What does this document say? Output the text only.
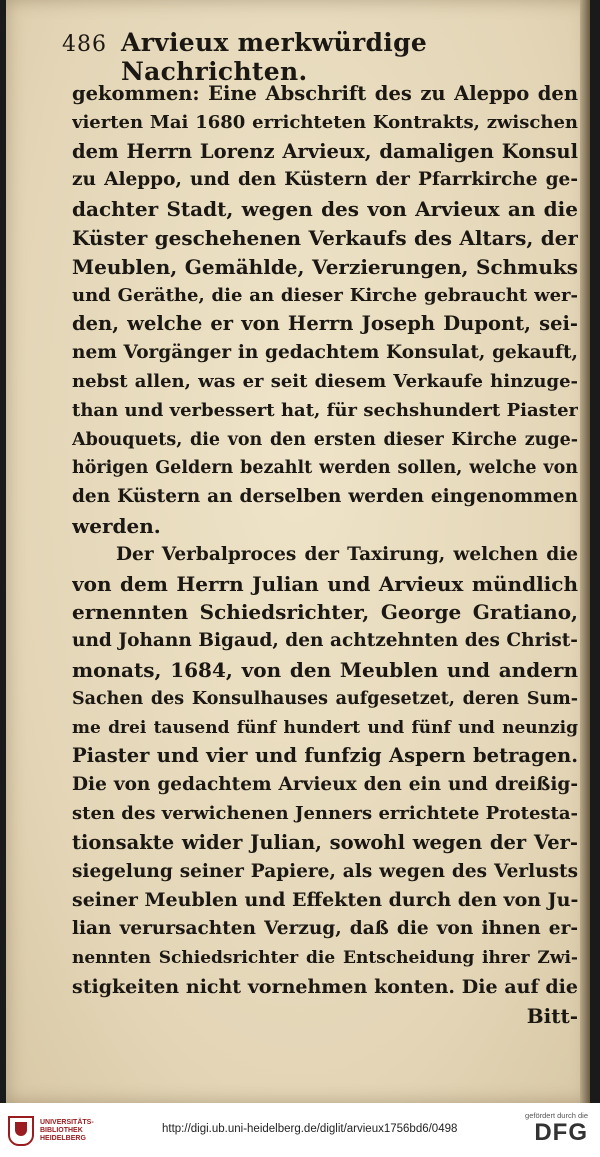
486 Arvieux merkwürdige Nachrichten.
gekommen: Eine Abschrift des zu Aleppo den
vierten Mai 1680 errichteten Kontrakts, zwischen
dem Herrn Lorenz Arvieux, damaligen Konsul
zu Aleppo, und den Küstern der Pfarrkirche ge-
dachter Stadt, wegen des von Arvieux an die
Küster geschehenen Verkaufs des Altars, der
Meublen, Gemählde, Verzierungen, Schmuks
und Geräthe, die an dieser Kirche gebraucht wer-
den, welche er von Herrn Joseph Dupont, sei-
nem Vorgänger in gedachtem Konsulat, gekauft,
nebst allen, was er seit diesem Verkaufe hinzuge-
than und verbessert hat, für sechshundert Piaster
Abouquets, die von den ersten dieser Kirche zuge-
hörigen Geldern bezahlt werden sollen, welche von
den Küstern an derselben werden eingenommen
werden.
Der Verbalproces der Taxirung, welchen die
von dem Herrn Julian und Arvieux mündlich
ernennten Schiedsrichter, George Gratiano,
und Johann Bigaud, den achtzehnten des Christ-
monats, 1684, von den Meublen und andern
Sachen des Konsulhauses aufgesetzet, deren Sum-
me drei tausend fünf hundert und fünf und neunzig
Piaster und vier und funfzig Aspern betragen.
Die von gedachtem Arvieux den ein und dreißig-
sten des verwichenen Jenners errichtete Protesta-
tionsakte wider Julian, sowohl wegen der Ver-
siegelung seiner Papiere, als wegen des Verlusts
seiner Meublen und Effekten durch den von Ju-
lian verursachten Verzug, daß die von ihnen er-
nennten Schiedsrichter die Entscheidung ihrer Zwi-
stigkeiten nicht vornehmen konten. Die auf die
Bitt-
UNIVERSITÄTS-
BIBLIOTHEK
HEIDELBERG
http://digi.ub.uni-heidelberg.de/diglit/arvieux1756bd6/0498
gefördert durch die
DFG
